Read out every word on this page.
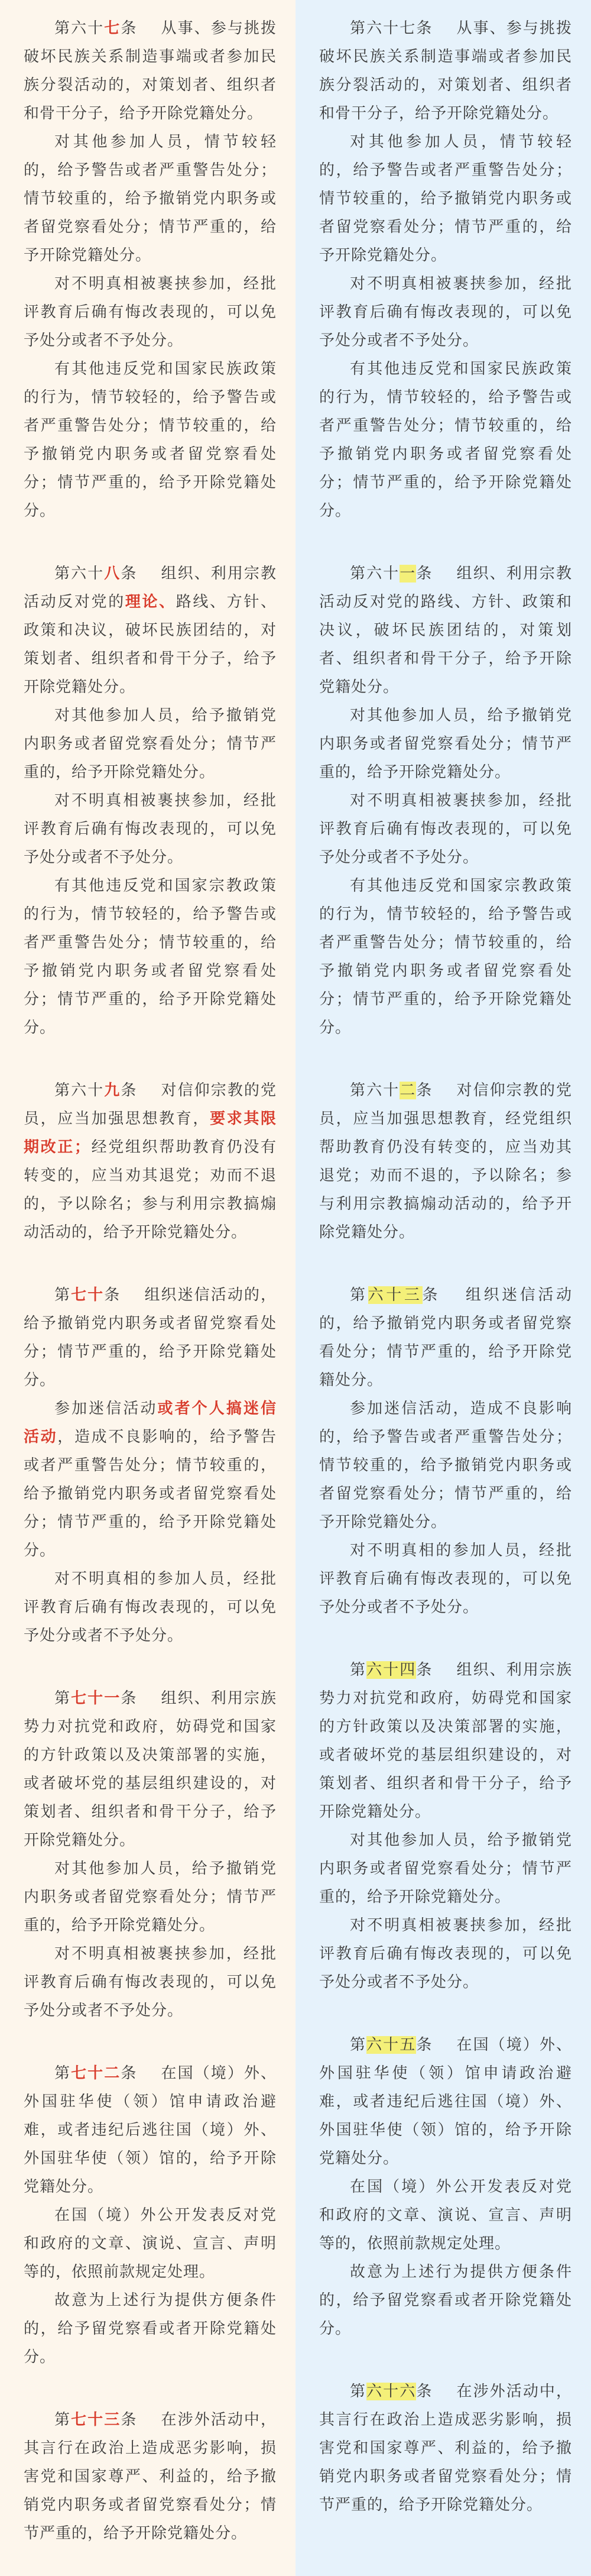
第六十七条 从事、参与挑拨破坏民族关系制造事端或者参加民族分裂活动的，对策划者、组织者和骨干分子，给予开除党籍处分。

对其他参加人员，情节较轻的，给予警告或者严重警告处分；情节较重的，给予撤销党内职务或者留党察看处分；情节严重的，给予开除党籍处分。

对不明真相被裹挟参加，经批评教育后确有悔改表现的，可以免予处分或者不予处分。

有其他违反党和国家民族政策的行为，情节较轻的，给予警告或者严重警告处分；情节较重的，给予撤销党内职务或者留党察看处分；情节严重的，给予开除党籍处分。

第六十八条 组织、利用宗教活动反对党的理论、路线、方针、政策和决议，破坏民族团结的，对策划者、组织者和骨干分子，给予开除党籍处分。

对其他参加人员，给予撤销党内职务或者留党察看处分；情节严重的，给予开除党籍处分。

对不明真相被裹挟参加，经批评教育后确有悔改表现的，可以免予处分或者不予处分。

有其他违反党和国家宗教政策的行为，情节较轻的，给予警告或者严重警告处分；情节较重的，给予撤销党内职务或者留党察看处分；情节严重的，给予开除党籍处分。

第六十九条 对信仰宗教的党员，应当加强思想教育，要求其限期改正；经党组织帮助教育仍没有转变的，应当劝其退党；劝而不退的，予以除名；参与利用宗教搞煽动活动的，给予开除党籍处分。

第七十条 组织迷信活动的，给予撤销党内职务或者留党察看处分；情节严重的，给予开除党籍处分。

参加迷信活动或者个人搞迷信活动，造成不良影响的，给予警告或者严重警告处分；情节较重的，给予撤销党内职务或者留党察看处分；情节严重的，给予开除党籍处分。

对不明真相的参加人员，经批评教育后确有悔改表现的，可以免予处分或者不予处分。

第七十一条 组织、利用宗族势力对抗党和政府，妨碍党和国家的方针政策以及决策部署的实施，或者破坏党的基层组织建设的，对策划者、组织者和骨干分子，给予开除党籍处分。

对其他参加人员，给予撤销党内职务或者留党察看处分；情节严重的，给予开除党籍处分。

对不明真相被裹挟参加，经批评教育后确有悔改表现的，可以免予处分或者不予处分。

第七十二条 在国（境）外、外国驻华使（领）馆申请政治避难，或者违纪后逃往国（境）外、外国驻华使（领）馆的，给予开除党籍处分。

在国（境）外公开发表反对党和政府的文章、演说、宣言、声明等的，依照前款规定处理。

故意为上述行为提供方便条件的，给予留党察看或者开除党籍处分。

第七十三条 在涉外活动中，其言行在政治上造成恶劣影响，损害党和国家尊严、利益的，给予撤销党内职务或者留党察看处分；情节严重的，给予开除党籍处分。

第六十七条 从事、参与挑拨破坏民族关系制造事端或者参加民族分裂活动的，对策划者、组织者和骨干分子，给予开除党籍处分。

对其他参加人员，情节较轻的，给予警告或者严重警告处分；情节较重的，给予撤销党内职务或者留党察看处分；情节严重的，给予开除党籍处分。

对不明真相被裹挟参加，经批评教育后确有悔改表现的，可以免予处分或者不予处分。

有其他违反党和国家民族政策的行为，情节较轻的，给予警告或者严重警告处分；情节较重的，给予撤销党内职务或者留党察看处分；情节严重的，给予开除党籍处分。

第六十一条 组织、利用宗教活动反对党的路线、方针、政策和决议，破坏民族团结的，对策划者、组织者和骨干分子，给予开除党籍处分。

对其他参加人员，给予撤销党内职务或者留党察看处分；情节严重的，给予开除党籍处分。

对不明真相被裹挟参加，经批评教育后确有悔改表现的，可以免予处分或者不予处分。

有其他违反党和国家宗教政策的行为，情节较轻的，给予警告或者严重警告处分；情节较重的，给予撤销党内职务或者留党察看处分；情节严重的，给予开除党籍处分。

第六十二条 对信仰宗教的党员，应当加强思想教育，经党组织帮助教育仍没有转变的，应当劝其退党；劝而不退的，予以除名；参与利用宗教搞煽动活动的，给予开除党籍处分。

第六十三条 组织迷信活动的，给予撤销党内职务或者留党察看处分；情节严重的，给予开除党籍处分。

参加迷信活动，造成不良影响的，给予警告或者严重警告处分；情节较重的，给予撤销党内职务或者留党察看处分；情节严重的，给予开除党籍处分。

对不明真相的参加人员，经批评教育后确有悔改表现的，可以免予处分或者不予处分。

第六十四条 组织、利用宗族势力对抗党和政府，妨碍党和国家的方针政策以及决策部署的实施，或者破坏党的基层组织建设的，对策划者、组织者和骨干分子，给予开除党籍处分。

对其他参加人员，给予撤销党内职务或者留党察看处分；情节严重的，给予开除党籍处分。

对不明真相被裹挟参加，经批评教育后确有悔改表现的，可以免予处分或者不予处分。

第六十五条 在国（境）外、外国驻华使（领）馆申请政治避难，或者违纪后逃往国（境）外、外国驻华使（领）馆的，给予开除党籍处分。

在国（境）外公开发表反对党和政府的文章、演说、宣言、声明等的，依照前款规定处理。

故意为上述行为提供方便条件的，给予留党察看或者开除党籍处分。

第六十六条 在涉外活动中，其言行在政治上造成恶劣影响，损害党和国家尊严、利益的，给予撤销党内职务或者留党察看处分；情节严重的，给予开除党籍处分。
